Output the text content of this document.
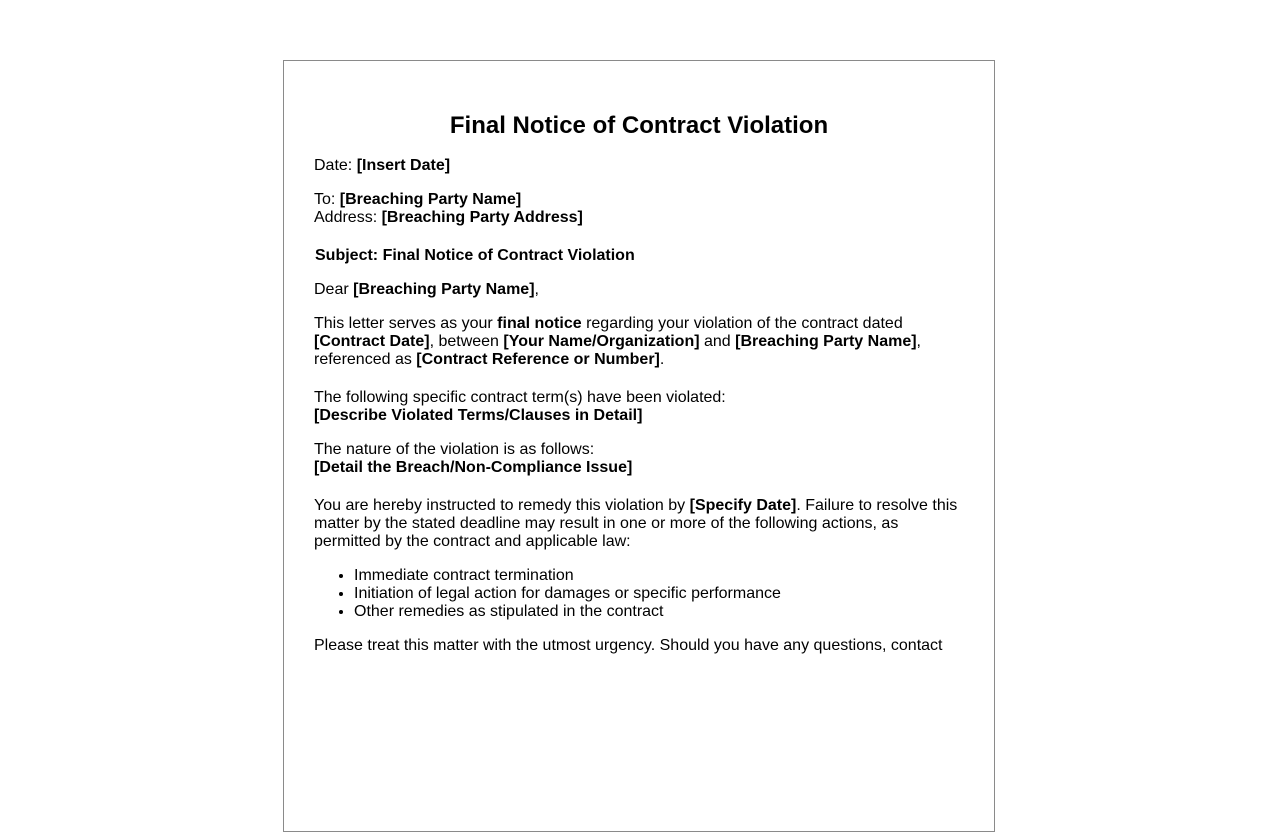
Final Notice of Contract Violation

Date: [Insert Date]

To: [Breaching Party Name]
Address: [Breaching Party Address]

Subject: Final Notice of Contract Violation

Dear [Breaching Party Name],

This letter serves as your final notice regarding your violation of the contract dated [Contract Date], between [Your Name/Organization] and [Breaching Party Name], referenced as [Contract Reference or Number].

The following specific contract term(s) have been violated:
[Describe Violated Terms/Clauses in Detail]

The nature of the violation is as follows:
[Detail the Breach/Non-Compliance Issue]

You are hereby instructed to remedy this violation by [Specify Date]. Failure to resolve this matter by the stated deadline may result in one or more of the following actions, as permitted by the contract and applicable law:

• Immediate contract termination
• Initiation of legal action for damages or specific performance
• Other remedies as stipulated in the contract

Please treat this matter with the utmost urgency. Should you have any questions, contact
